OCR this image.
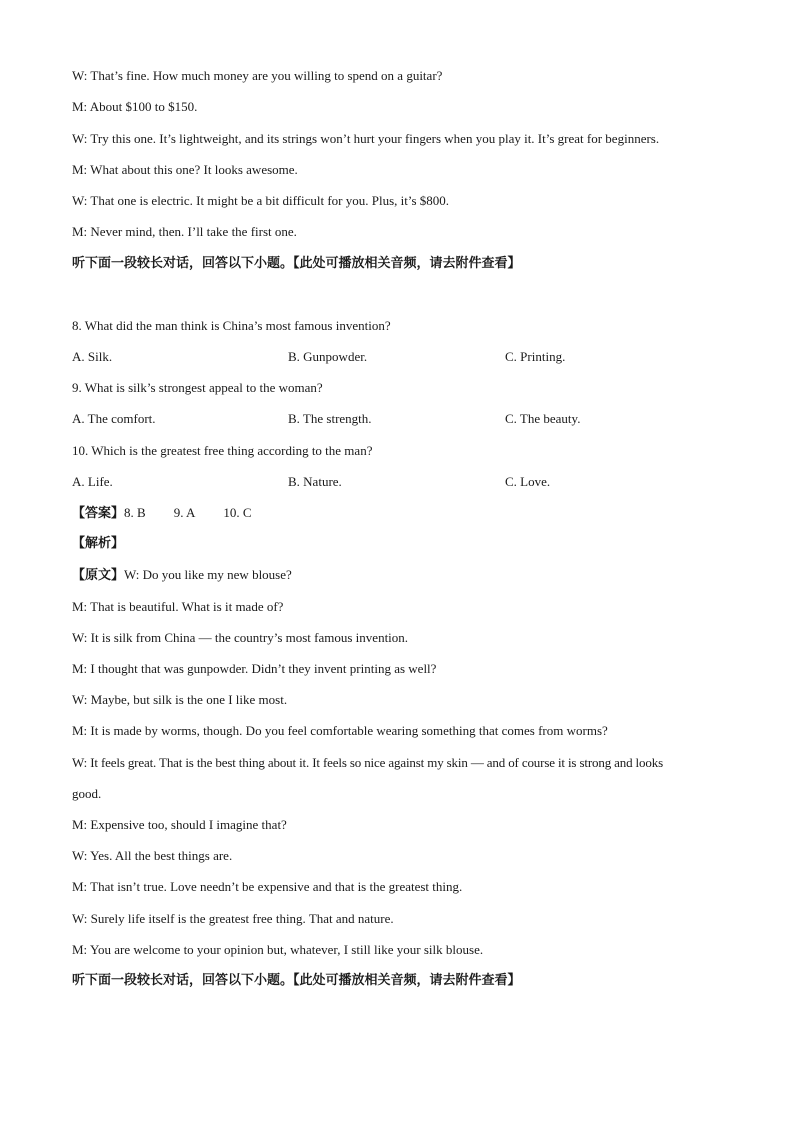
W: That’s fine. How much money are you willing to spend on a guitar?
M: About $100 to $150.
W: Try this one. It’s lightweight, and its strings won’t hurt your fingers when you play it. It’s great for beginners.
M: What about this one? It looks awesome.
W: That one is electric. It might be a bit difficult for you. Plus, it’s $800.
M: Never mind, then. I’ll take the first one.
听下面一段较长对话，回答以下小题。【此处可播放相关音频，请去附件查看】
8. What did the man think is China’s most famous invention?
A. Silk.	B. Gunpowder.	C. Printing.
9. What is silk’s strongest appeal to the woman?
A. The comfort.	B. The strength.	C. The beauty.
10. Which is the greatest free thing according to the man?
A. Life.	B. Nature.	C. Love.
【答案】8. B 9. A 10. C
【解析】
【原文】W: Do you like my new blouse?
M: That is beautiful. What is it made of?
W: It is silk from China — the country’s most famous invention.
M: I thought that was gunpowder. Didn’t they invent printing as well?
W: Maybe, but silk is the one I like most.
M: It is made by worms, though. Do you feel comfortable wearing something that comes from worms?
W: It feels great. That is the best thing about it. It feels so nice against my skin — and of course it is strong and looks
good.
M: Expensive too, should I imagine that?
W: Yes. All the best things are.
M: That isn’t true. Love needn’t be expensive and that is the greatest thing.
W: Surely life itself is the greatest free thing. That and nature.
M: You are welcome to your opinion but, whatever, I still like your silk blouse.
听下面一段较长对话，回答以下小题。【此处可播放相关音频，请去附件查看】
